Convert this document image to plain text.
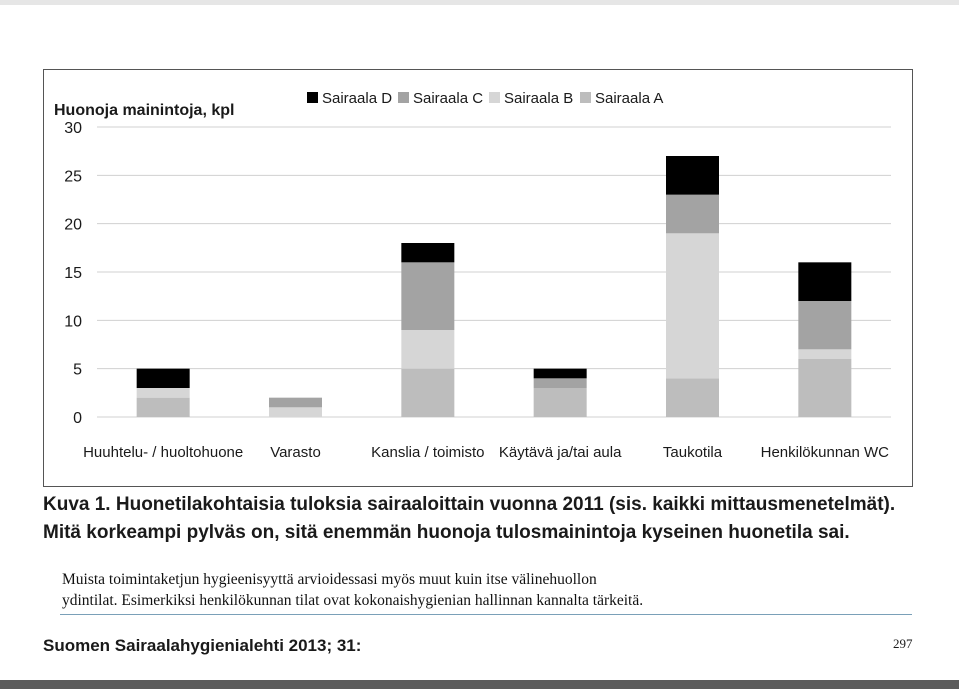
0
5
10
15
20
25
30
Huuhtelu- / huoltohuone Varasto	Kanslia / toimisto Käytävä ja/tai aula	Taukotila	Henkilökunnan WC
Sairaala D Sairaala C Sairaala B Sairaala A
Huonoja mainintoja, kpl
Kuva 1. Huonetilakohtaisia tuloksia sairaaloittain vuonna 2011 (sis. kaikki mittausmenetelmät).
Mitä korkeampi pylväs on, sitä enemmän huonoja tulosmainintoja kyseinen huonetila sai.
Muista toimintaketjun hygieenisyyttä arvioidessasi myös muut kuin itse välinehuollon
ydintilat. Esimerkiksi henkilökunnan tilat ovat kokonaishygienian hallinnan kannalta tärkeitä.
Suomen Sairaalahygienialehti 2013; 31:	297
